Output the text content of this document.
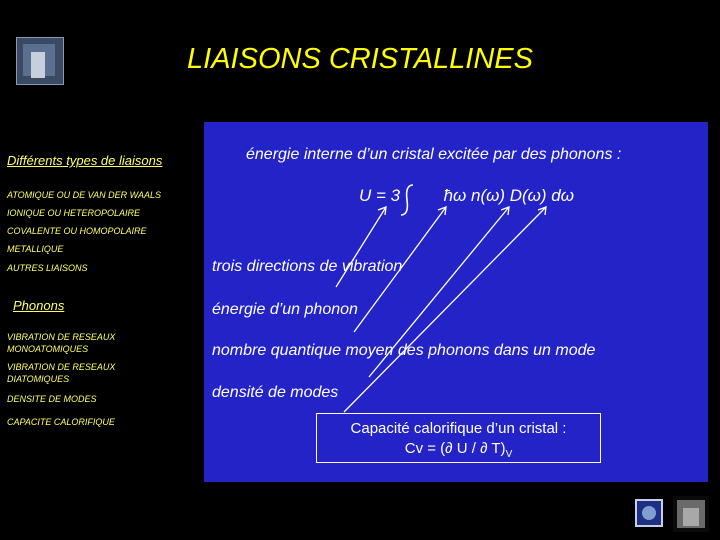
LIAISONS CRISTALLINES
Différents types de liaisons
ATOMIQUE OU DE VAN DER WAALS
IONIQUE OU HETEROPOLAIRE
COVALENTE OU HOMOPOLAIRE
METALLIQUE
AUTRES LIAISONS
Phonons
VIBRATION DE RESEAUX
MONOATOMIQUES
VIBRATION DE RESEAUX
DIATOMIQUES
DENSITE DE MODES
CAPACITE CALORIFIQUE
énergie interne d’un cristal excitée par des phonons :
U = 3	ħω n(ω) D(ω) dω
trois directions de vibration
énergie d’un phonon
nombre quantique moyen des phonons dans un mode
densité de modes
Capacité calorifique d’un cristal :
Cv = (∂ U / ∂ $T)_V$
